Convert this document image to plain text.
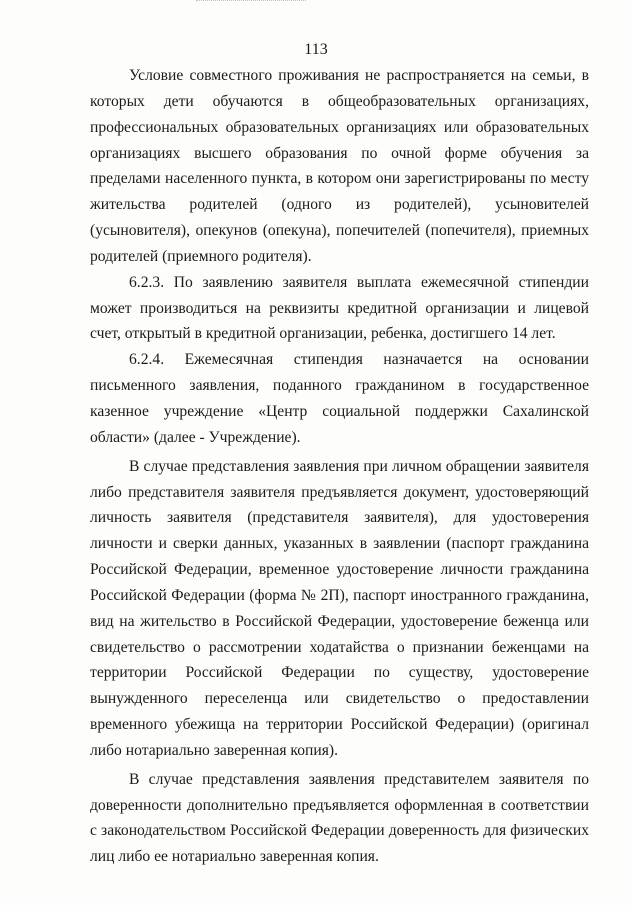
113

Условие совместного проживания не распространяется на семьи, в которых дети обучаются в общеобразовательных организациях, профессиональных образовательных организациях или образовательных организациях высшего образования по очной форме обучения за пределами населенного пункта, в котором они зарегистрированы по месту жительства родителей (одного из родителей), усыновителей (усыновителя), опекунов (опекуна), попечителей (попечителя), приемных родителей (приемного родителя).

6.2.3. По заявлению заявителя выплата ежемесячной стипендии может производиться на реквизиты кредитной организации и лицевой счет, открытый в кредитной организации, ребенка, достигшего 14 лет.

6.2.4. Ежемесячная стипендия назначается на основании письменного заявления, поданного гражданином в государственное казенное учреждение «Центр социальной поддержки Сахалинской области» (далее - Учреждение).

В случае представления заявления при личном обращении заявителя либо представителя заявителя предъявляется документ, удостоверяющий личность заявителя (представителя заявителя), для удостоверения личности и сверки данных, указанных в заявлении (паспорт гражданина Российской Федерации, временное удостоверение личности гражданина Российской Федерации (форма № 2П), паспорт иностранного гражданина, вид на жительство в Российской Федерации, удостоверение беженца или свидетельство о рассмотрении ходатайства о признании беженцами на территории Российской Федерации по существу, удостоверение вынужденного переселенца или свидетельство о предоставлении временного убежища на территории Российской Федерации) (оригинал либо нотариально заверенная копия).

В случае представления заявления представителем заявителя по доверенности дополнительно предъявляется оформленная в соответствии с законодательством Российской Федерации доверенность для физических лиц либо ее нотариально заверенная копия.
